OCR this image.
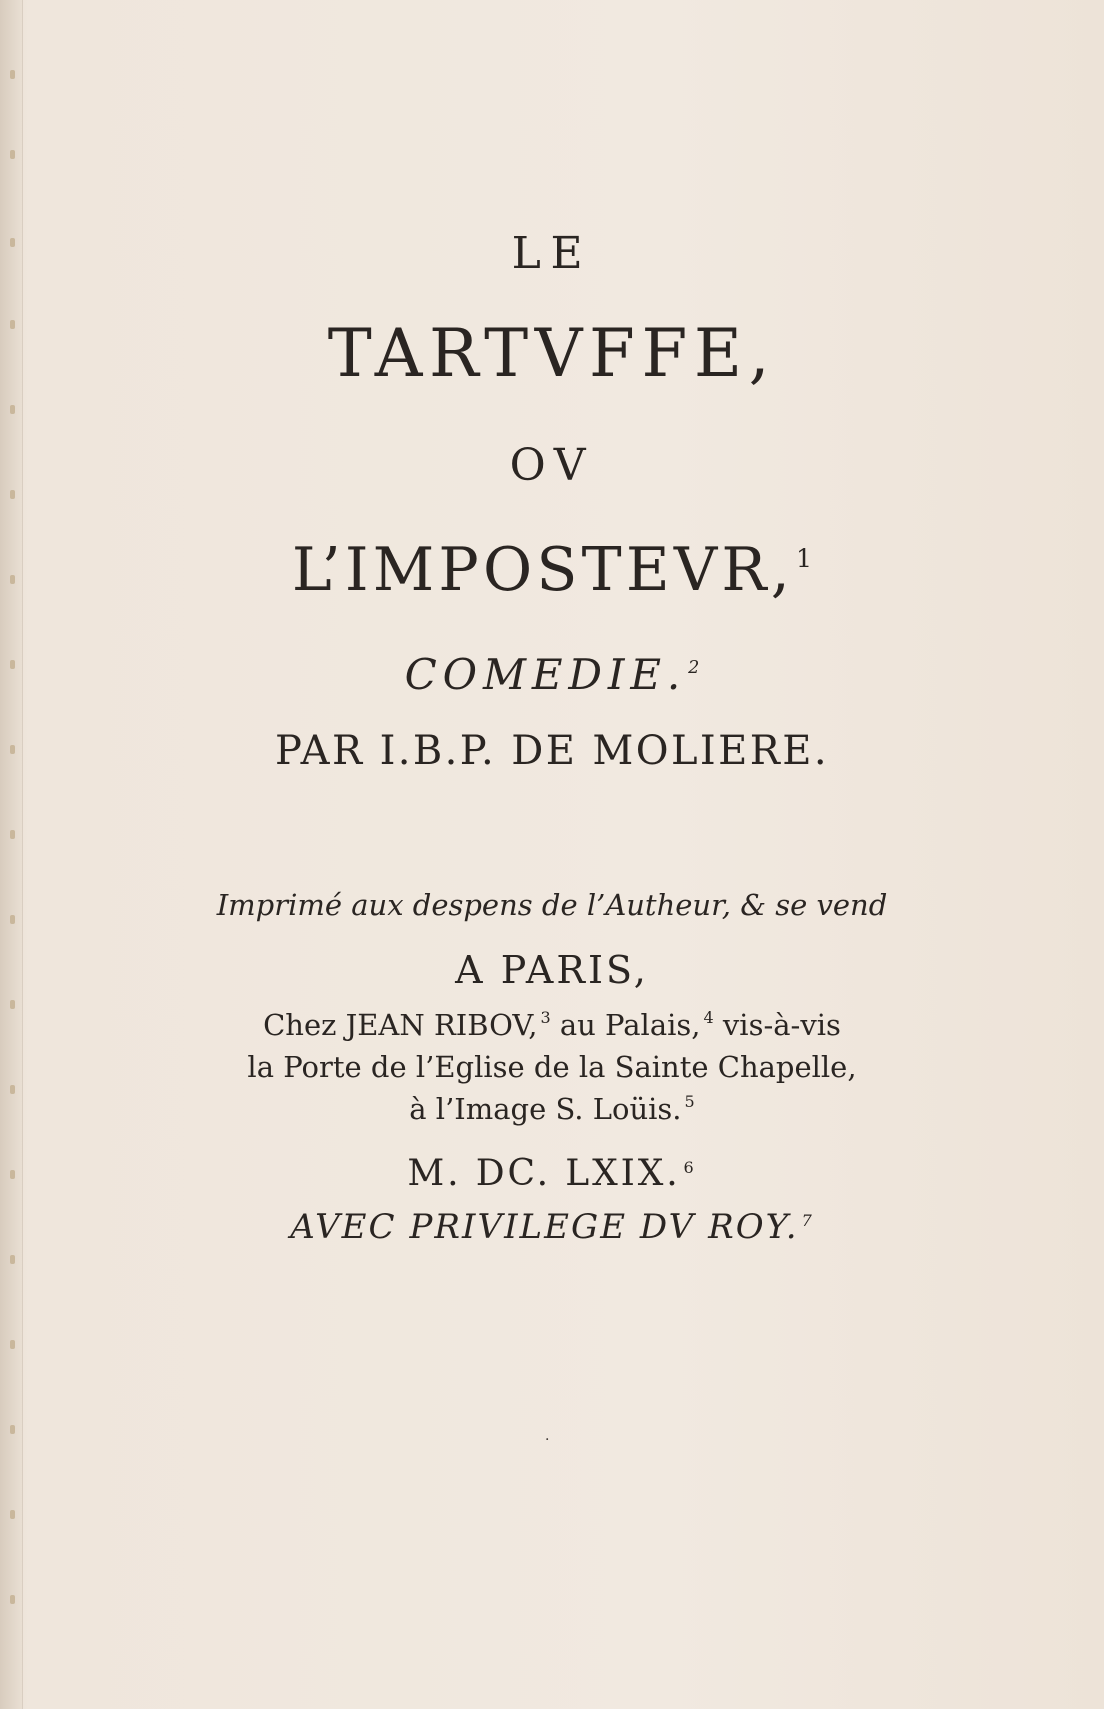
LE
TARTVFFE,
OV
L’IMPOSTEVR,$^1$
COMEDIE. $^2$
PAR I.B.P. DE MOLIERE.
Imprimé aux despens de l’Autheur, & se vend
A PARIS,
Chez JEAN RIBOV, $^3$ au Palais, $^4$ vis-à-vis
la Porte de l’Eglise de la Sainte Chapelle,
à l’Image S. Loüis. $^5$
M. DC. LXIX. $^6$
AVEC PRIVILEGE DV ROY. $^7$
·
